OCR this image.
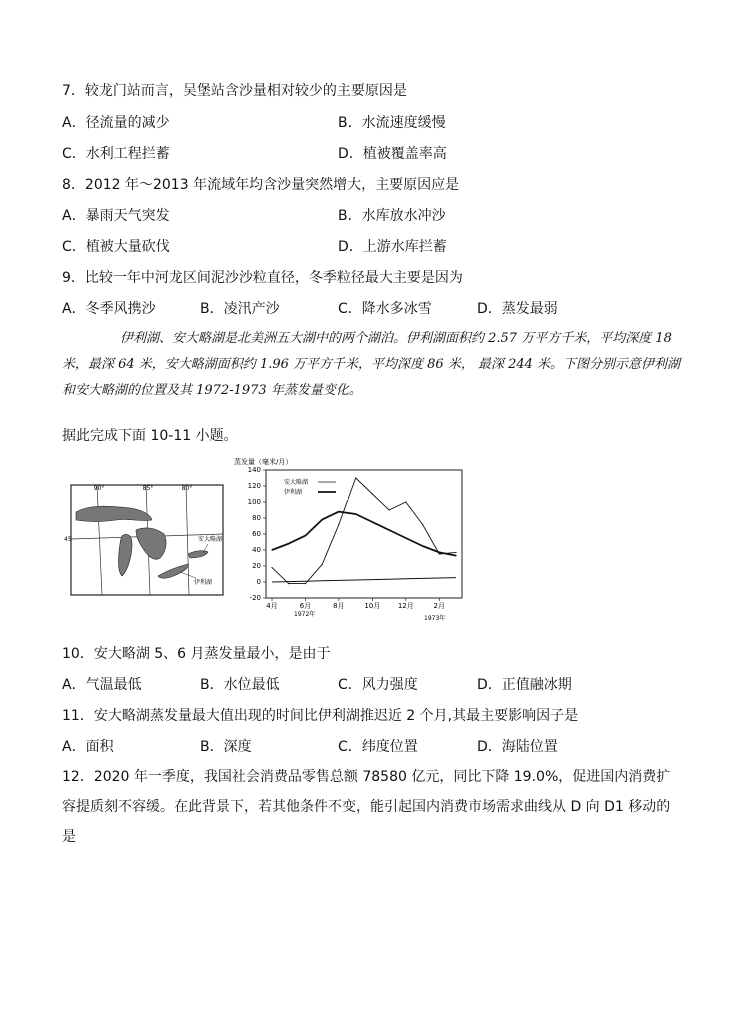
7．较龙门站而言，吴堡站含沙量相对较少的主要原因是
A．径流量的减少	B．水流速度缓慢
C．水利工程拦蓄	D．植被覆盖率高
8．2012 年～2013 年流域年均含沙量突然增大，主要原因应是
A．暴雨天气突发	B．水库放水冲沙
C．植被大量砍伐	D．上游水库拦蓄
9．比较一年中河龙区间泥沙沙粒直径，冬季粒径最大主要是因为
A．冬季风携沙	B．凌汛产沙	C．降水多冰雪	D．蒸发最弱
伊利湖、安大略湖是北美洲五大湖中的两个湖泊。伊利湖面积约 2.57 万平方千米，平均深度 18 米，最深 64 米，安大略湖面积约 1.96 万平方千米，平均深度 86 米， 最深 244 米。下图分别示意伊利湖和安大略湖的位置及其 1972-1973 年蒸发量变化。
据此完成下面 10-11 小题。
90°	85°	80°
45	安大略湖
伊利湖
蒸发量（毫米/月）
-20
0
20
40
60
80
100
120
140
4月	6月	8月	10月	12月	2月
安大略湖
伊利湖
1972年
1973年
10．安大略湖 5、6 月蒸发量最小，是由于
A．气温最低	B．水位最低	C．风力强度	D．正值融冰期
11．安大略湖蒸发量最大值出现的时间比伊利湖推迟近 2 个月,其最主要影响因子是
A．面积	B．深度	C．纬度位置	D．海陆位置
12．2020 年一季度，我国社会消费品零售总额 78580 亿元，同比下降 19.0%，促进国内消费扩容提质刻不容缓。在此背景下，若其他条件不变，能引起国内消费市场需求曲线从 D 向 D1 移动的是
